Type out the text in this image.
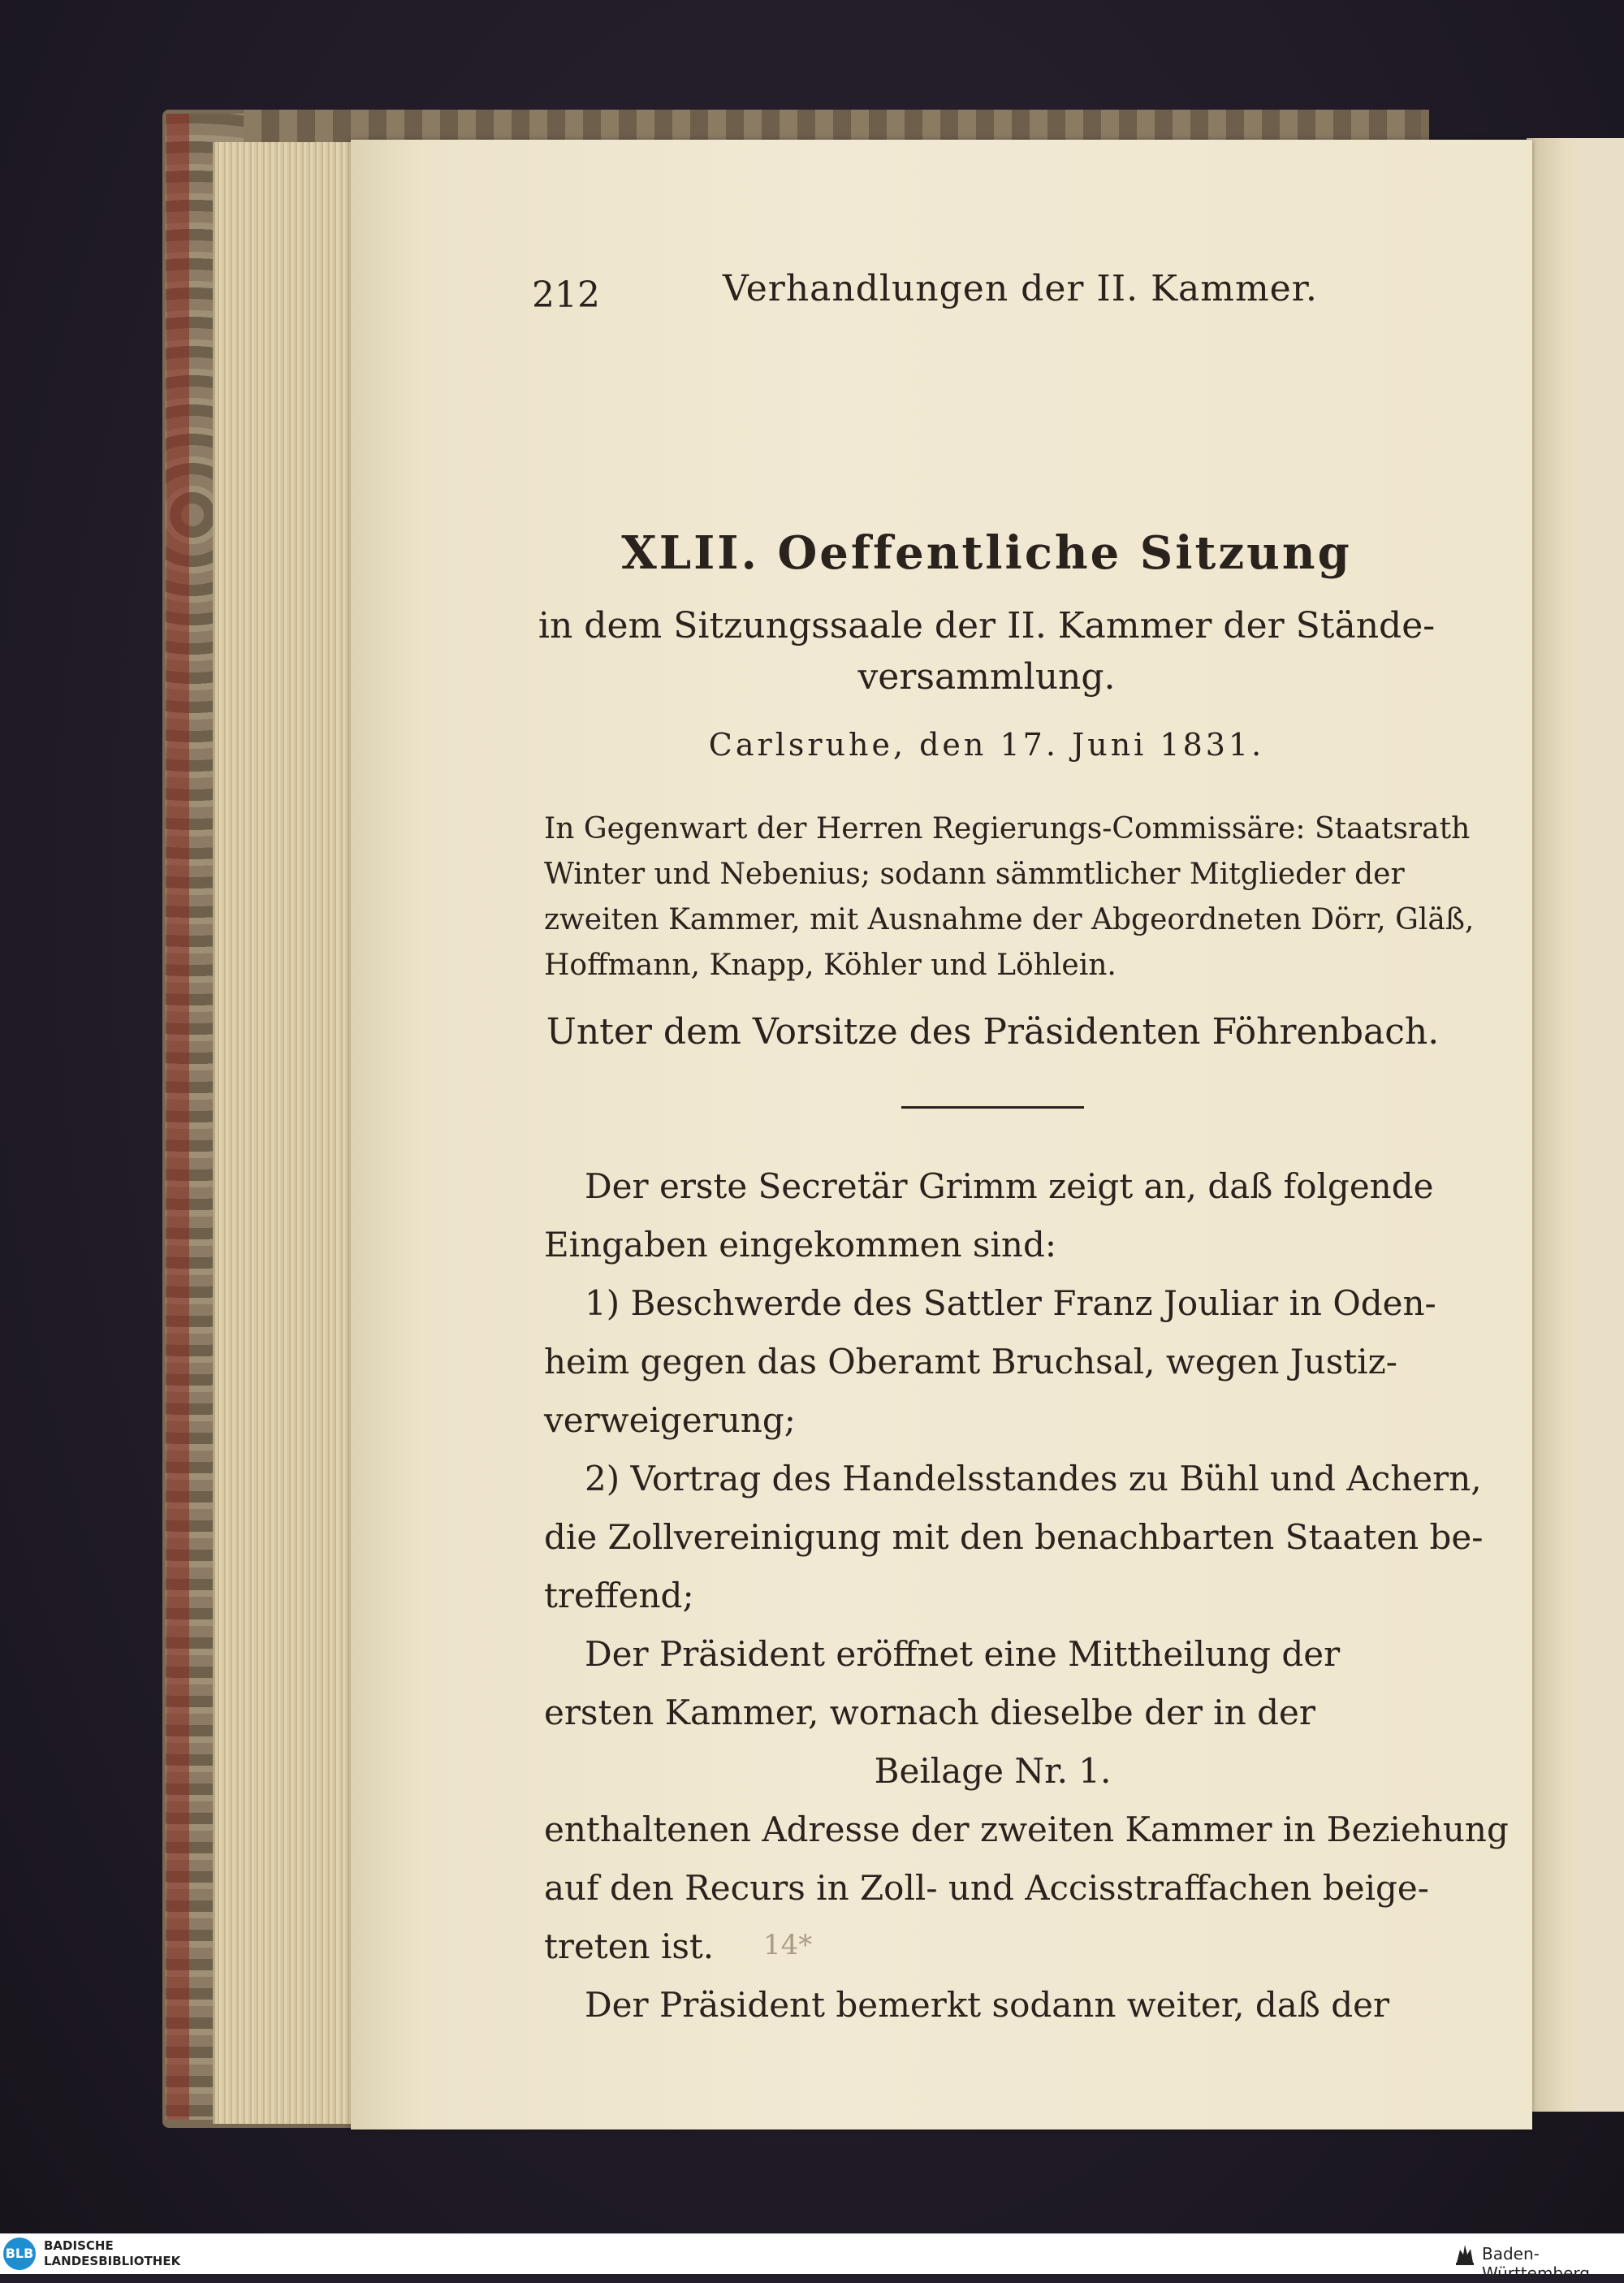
212	Verhandlungen der II. Kammer.
XLII. Oeffentliche Sitzung
in dem Sitzungssaale der II. Kammer der Stände-
versammlung.
Carlsruhe, den 17. Juni 1831.
In Gegenwart der Herren Regierungs-Commissäre: Staatsrath
Winter und Nebenius; sodann sämmtlicher Mitglieder der
zweiten Kammer, mit Ausnahme der Abgeordneten Dörr, Gläß,
Hoffmann, Knapp, Köhler und Löhlein.
Unter dem Vorsitze des Präsidenten Föhrenbach.
Der erste Secretär Grimm zeigt an, daß folgende
Eingaben eingekommen sind:
1) Beschwerde des Sattler Franz Jouliar in Oden-
heim gegen das Oberamt Bruchsal, wegen Justiz-
verweigerung;
2) Vortrag des Handelsstandes zu Bühl und Achern,
die Zollvereinigung mit den benachbarten Staaten be-
treffend;
Der Präsident eröffnet eine Mittheilung der
ersten Kammer, wornach dieselbe der in der
Beilage Nr. 1.
enthaltenen Adresse der zweiten Kammer in Beziehung
auf den Recurs in Zoll- und Accisstraffachen beige-
treten ist.
Der Präsident bemerkt sodann weiter, daß der
14*
BLB BADISCHE
LANDESBIBLIOTHEK	Baden-Württemberg
